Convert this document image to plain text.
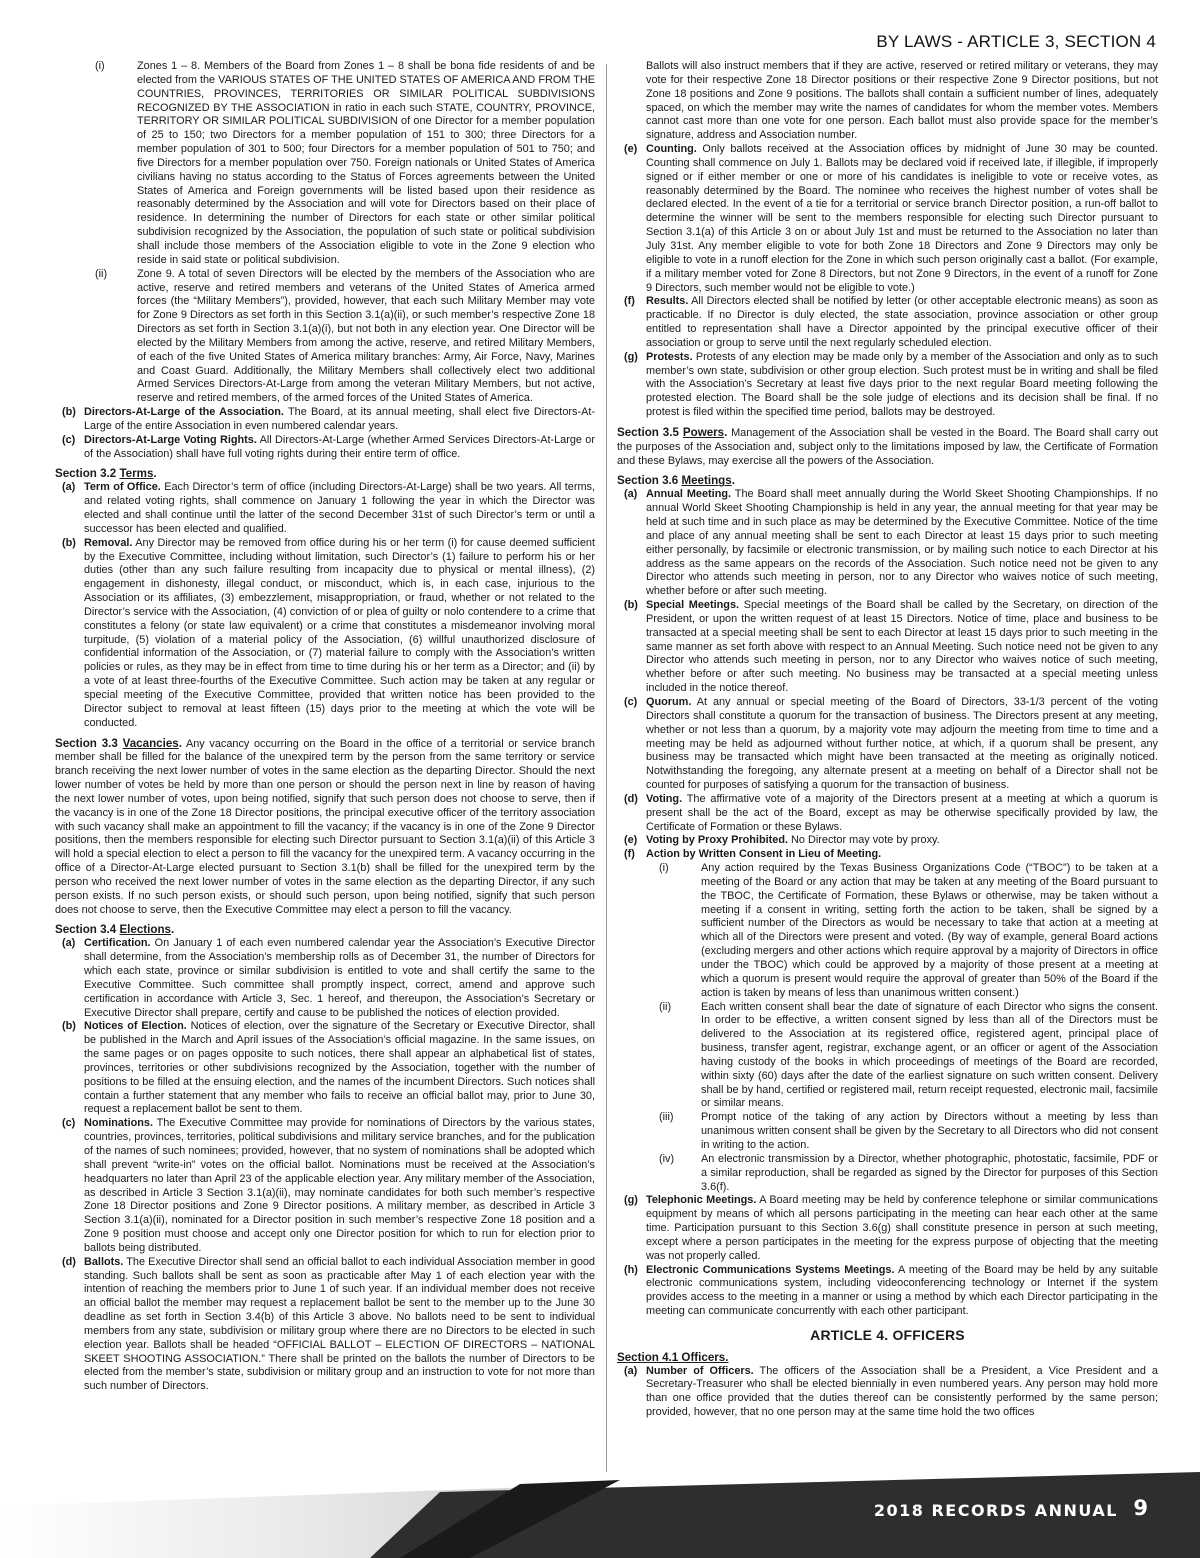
BY LAWS - ARTICLE 3, SECTION 4
(i)	Zones 1 – 8. Members of the Board from Zones 1 – 8 shall be bona fide residents of and be elected from the VARIOUS STATES OF THE UNITED STATES OF AMERICA AND FROM THE COUNTRIES, PROVINCES, TERRITORIES OR SIMILAR POLITICAL SUBDIVISIONS RECOGNIZED BY THE ASSOCIATION in ratio in each such STATE, COUNTRY, PROVINCE, TERRITORY OR SIMILAR POLITICAL SUBDIVISION of one Director for a member population of 25 to 150; two Directors for a member population of 151 to 300; three Directors for a member population of 301 to 500; four Directors for a member population of 501 to 750; and five Directors for a member population over 750. Foreign nationals or United States of America civilians having no status according to the Status of Forces agreements between the United States of America and Foreign governments will be listed based upon their residence as reasonably determined by the Association and will vote for Directors based on their place of residence. In determining the number of Directors for each state or other similar political subdivision recognized by the Association, the population of such state or political subdivision shall include those members of the Association eligible to vote in the Zone 9 election who reside in said state or political subdivision.
(ii)	Zone 9. A total of seven Directors will be elected by the members of the Association who are active, reserve and retired members and veterans of the United States of America armed forces (the “Military Members”), provided, however, that each such Military Member may vote for Zone 9 Directors as set forth in this Section 3.1(a)(ii), or such member’s respective Zone 18 Directors as set forth in Section 3.1(a)(i), but not both in any election year. One Director will be elected by the Military Members from among the active, reserve, and retired Military Members, of each of the five United States of America military branches: Army, Air Force, Navy, Marines and Coast Guard. Additionally, the Military Members shall collectively elect two additional Armed Services Directors-At-Large from among the veteran Military Members, but not active, reserve and retired members, of the armed forces of the United States of America.
(b) Directors-At-Large of the Association. The Board, at its annual meeting, shall elect five Directors-At-Large of the entire Association in even numbered calendar years.
(c) Directors-At-Large Voting Rights. All Directors-At-Large (whether Armed Services Directors-At-Large or of the Association) shall have full voting rights during their entire term of office.
Section 3.2 Terms.
(a) Term of Office. Each Director’s term of office (including Directors-At-Large) shall be two years. All terms, and related voting rights, shall commence on January 1 following the year in which the Director was elected and shall continue until the latter of the second December 31st of such Director’s term or until a successor has been elected and qualified.
(b) Removal. Any Director may be removed from office during his or her term (i) for cause deemed sufficient by the Executive Committee, including without limitation, such Director’s (1) failure to perform his or her duties (other than any such failure resulting from incapacity due to physical or mental illness), (2) engagement in dishonesty, illegal conduct, or misconduct, which is, in each case, injurious to the Association or its affiliates, (3) embezzlement, misappropriation, or fraud, whether or not related to the Director’s service with the Association, (4) conviction of or plea of guilty or nolo contendere to a crime that constitutes a felony (or state law equivalent) or a crime that constitutes a misdemeanor involving moral turpitude, (5) violation of a material policy of the Association, (6) willful unauthorized disclosure of confidential information of the Association, or (7) material failure to comply with the Association’s written policies or rules, as they may be in effect from time to time during his or her term as a Director; and (ii) by a vote of at least three-fourths of the Executive Committee. Such action may be taken at any regular or special meeting of the Executive Committee, provided that written notice has been provided to the Director subject to removal at least fifteen (15) days prior to the meeting at which the vote will be conducted.
Section 3.3 Vacancies. Any vacancy occurring on the Board in the office of a territorial or service branch member shall be filled for the balance of the unexpired term by the person from the same territory or service branch receiving the next lower number of votes in the same election as the departing Director. Should the next lower number of votes be held by more than one person or should the person next in line by reason of having the next lower number of votes, upon being notified, signify that such person does not choose to serve, then if the vacancy is in one of the Zone 18 Director positions, the principal executive officer of the territory association with such vacancy shall make an appointment to fill the vacancy; if the vacancy is in one of the Zone 9 Director positions, then the members responsible for electing such Director pursuant to Section 3.1(a)(ii) of this Article 3 will hold a special election to elect a person to fill the vacancy for the unexpired term. A vacancy occurring in the office of a Director-At-Large elected pursuant to Section 3.1(b) shall be filled for the unexpired term by the person who received the next lower number of votes in the same election as the departing Director, if any such person exists. If no such person exists, or should such person, upon being notified, signify that such person does not choose to serve, then the Executive Committee may elect a person to fill the vacancy.
Section 3.4 Elections.
(a) Certification. On January 1 of each even numbered calendar year the Association’s Executive Director shall determine, from the Association’s membership rolls as of December 31, the number of Directors for which each state, province or similar subdivision is entitled to vote and shall certify the same to the Executive Committee. Such committee shall promptly inspect, correct, amend and approve such certification in accordance with Article 3, Sec. 1 hereof, and thereupon, the Association’s Secretary or Executive Director shall prepare, certify and cause to be published the notices of election provided.
(b) Notices of Election. Notices of election, over the signature of the Secretary or Executive Director, shall be published in the March and April issues of the Association’s official magazine. In the same issues, on the same pages or on pages opposite to such notices, there shall appear an alphabetical list of states, provinces, territories or other subdivisions recognized by the Association, together with the number of positions to be filled at the ensuing election, and the names of the incumbent Directors. Such notices shall contain a further statement that any member who fails to receive an official ballot may, prior to June 30, request a replacement ballot be sent to them.
(c) Nominations. The Executive Committee may provide for nominations of Directors by the various states, countries, provinces, territories, political subdivisions and military service branches, and for the publication of the names of such nominees; provided, however, that no system of nominations shall be adopted which shall prevent “write-in” votes on the official ballot. Nominations must be received at the Association’s headquarters no later than April 23 of the applicable election year. Any military member of the Association, as described in Article 3 Section 3.1(a)(ii), may nominate candidates for both such member’s respective Zone 18 Director positions and Zone 9 Director positions. A military member, as described in Article 3 Section 3.1(a)(ii), nominated for a Director position in such member’s respective Zone 18 position and a Zone 9 position must choose and accept only one Director position for which to run for election prior to ballots being distributed.
(d) Ballots. The Executive Director shall send an official ballot to each individual Association member in good standing. Such ballots shall be sent as soon as practicable after May 1 of each election year with the intention of reaching the members prior to June 1 of such year. If an individual member does not receive an official ballot the member may request a replacement ballot be sent to the member up to the June 30 deadline as set forth in Section 3.4(b) of this Article 3 above. No ballots need to be sent to individual members from any state, subdivision or military group where there are no Directors to be elected in such election year. Ballots shall be headed “OFFICIAL BALLOT – ELECTION OF DIRECTORS – NATIONAL SKEET SHOOTING ASSOCIATION.” There shall be printed on the ballots the number of Directors to be elected from the member’s state, subdivision or military group and an instruction to vote for not more than such number of Directors.
Ballots will also instruct members that if they are active, reserved or retired military or veterans, they may vote for their respective Zone 18 Director positions or their respective Zone 9 Director positions, but not Zone 18 positions and Zone 9 positions. The ballots shall contain a sufficient number of lines, adequately spaced, on which the member may write the names of candidates for whom the member votes. Members cannot cast more than one vote for one person. Each ballot must also provide space for the member’s signature, address and Association number.
(e) Counting. Only ballots received at the Association offices by midnight of June 30 may be counted. Counting shall commence on July 1. Ballots may be declared void if received late, if illegible, if improperly signed or if either member or one or more of his candidates is ineligible to vote or receive votes, as reasonably determined by the Board. The nominee who receives the highest number of votes shall be declared elected. In the event of a tie for a territorial or service branch Director position, a run-off ballot to determine the winner will be sent to the members responsible for electing such Director pursuant to Section 3.1(a) of this Article 3 on or about July 1st and must be returned to the Association no later than July 31st. Any member eligible to vote for both Zone 18 Directors and Zone 9 Directors may only be eligible to vote in a runoff election for the Zone in which such person originally cast a ballot. (For example, if a military member voted for Zone 8 Directors, but not Zone 9 Directors, in the event of a runoff for Zone 9 Directors, such member would not be eligible to vote.)
(f)	Results. All Directors elected shall be notified by letter (or other acceptable electronic means) as soon as practicable. If no Director is duly elected, the state association, province association or other group entitled to representation shall have a Director appointed by the principal executive officer of their association or group to serve until the next regularly scheduled election.
(g) Protests. Protests of any election may be made only by a member of the Association and only as to such member’s own state, subdivision or other group election. Such protest must be in writing and shall be filed with the Association’s Secretary at least five days prior to the next regular Board meeting following the protested election. The Board shall be the sole judge of elections and its decision shall be final. If no protest is filed within the specified time period, ballots may be destroyed.
Section 3.5 Powers. Management of the Association shall be vested in the Board. The Board shall carry out the purposes of the Association and, subject only to the limitations imposed by law, the Certificate of Formation and these Bylaws, may exercise all the powers of the Association.
Section 3.6 Meetings.
(a) Annual Meeting. The Board shall meet annually during the World Skeet Shooting Championships. If no annual World Skeet Shooting Championship is held in any year, the annual meeting for that year may be held at such time and in such place as may be determined by the Executive Committee. Notice of the time and place of any annual meeting shall be sent to each Director at least 15 days prior to such meeting either personally, by facsimile or electronic transmission, or by mailing such notice to each Director at his address as the same appears on the records of the Association. Such notice need not be given to any Director who attends such meeting in person, nor to any Director who waives notice of such meeting, whether before or after such meeting.
(b) Special Meetings. Special meetings of the Board shall be called by the Secretary, on direction of the President, or upon the written request of at least 15 Directors. Notice of time, place and business to be transacted at a special meeting shall be sent to each Director at least 15 days prior to such meeting in the same manner as set forth above with respect to an Annual Meeting. Such notice need not be given to any Director who attends such meeting in person, nor to any Director who waives notice of such meeting, whether before or after such meeting. No business may be transacted at a special meeting unless included in the notice thereof.
(c) Quorum. At any annual or special meeting of the Board of Directors, 33-1/3 percent of the voting Directors shall constitute a quorum for the transaction of business. The Directors present at any meeting, whether or not less than a quorum, by a majority vote may adjourn the meeting from time to time and a meeting may be held as adjourned without further notice, at which, if a quorum shall be present, any business may be transacted which might have been transacted at the meeting as originally noticed. Notwithstanding the foregoing, any alternate present at a meeting on behalf of a Director shall not be counted for purposes of satisfying a quorum for the transaction of business.
(d) Voting. The affirmative vote of a majority of the Directors present at a meeting at which a quorum is present shall be the act of the Board, except as may be otherwise specifically provided by law, the Certificate of Formation or these Bylaws.
(e) Voting by Proxy Prohibited. No Director may vote by proxy.
(f)	Action by Written Consent in Lieu of Meeting.
(i)	Any action required by the Texas Business Organizations Code (“TBOC”) to be taken at a meeting of the Board or any action that may be taken at any meeting of the Board pursuant to the TBOC, the Certificate of Formation, these Bylaws or otherwise, may be taken without a meeting if a consent in writing, setting forth the action to be taken, shall be signed by a sufficient number of the Directors as would be necessary to take that action at a meeting at which all of the Directors were present and voted. (By way of example, general Board actions (excluding mergers and other actions which require approval by a majority of Directors in office under the TBOC) which could be approved by a majority of those present at a meeting at which a quorum is present would require the approval of greater than 50% of the Board if the action is taken by means of less than unanimous written consent.)
(ii)	Each written consent shall bear the date of signature of each Director who signs the consent. In order to be effective, a written consent signed by less than all of the Directors must be delivered to the Association at its registered office, registered agent, principal place of business, transfer agent, registrar, exchange agent, or an officer or agent of the Association having custody of the books in which proceedings of meetings of the Board are recorded, within sixty (60) days after the date of the earliest signature on such written consent. Delivery shall be by hand, certified or registered mail, return receipt requested, electronic mail, facsimile or similar means.
(iii)	Prompt notice of the taking of any action by Directors without a meeting by less than unanimous written consent shall be given by the Secretary to all Directors who did not consent in writing to the action.
(iv)	An electronic transmission by a Director, whether photographic, photostatic, facsimile, PDF or a similar reproduction, shall be regarded as signed by the Director for purposes of this Section 3.6(f).
(g) Telephonic Meetings. A Board meeting may be held by conference telephone or similar communications equipment by means of which all persons participating in the meeting can hear each other at the same time. Participation pursuant to this Section 3.6(g) shall constitute presence in person at such meeting, except where a person participates in the meeting for the express purpose of objecting that the meeting was not properly called.
(h) Electronic Communications Systems Meetings. A meeting of the Board may be held by any suitable electronic communications system, including videoconferencing technology or Internet if the system provides access to the meeting in a manner or using a method by which each Director participating in the meeting can communicate concurrently with each other participant.
ARTICLE 4. OFFICERS
Section 4.1 Officers.
(a) Number of Officers. The officers of the Association shall be a President, a Vice President and a Secretary-Treasurer who shall be elected biennially in even numbered years. Any person may hold more than one office provided that the duties thereof can be consistently performed by the same person; provided, however, that no one person may at the same time hold the two offices
2018 RECORDS ANNUAL 9
